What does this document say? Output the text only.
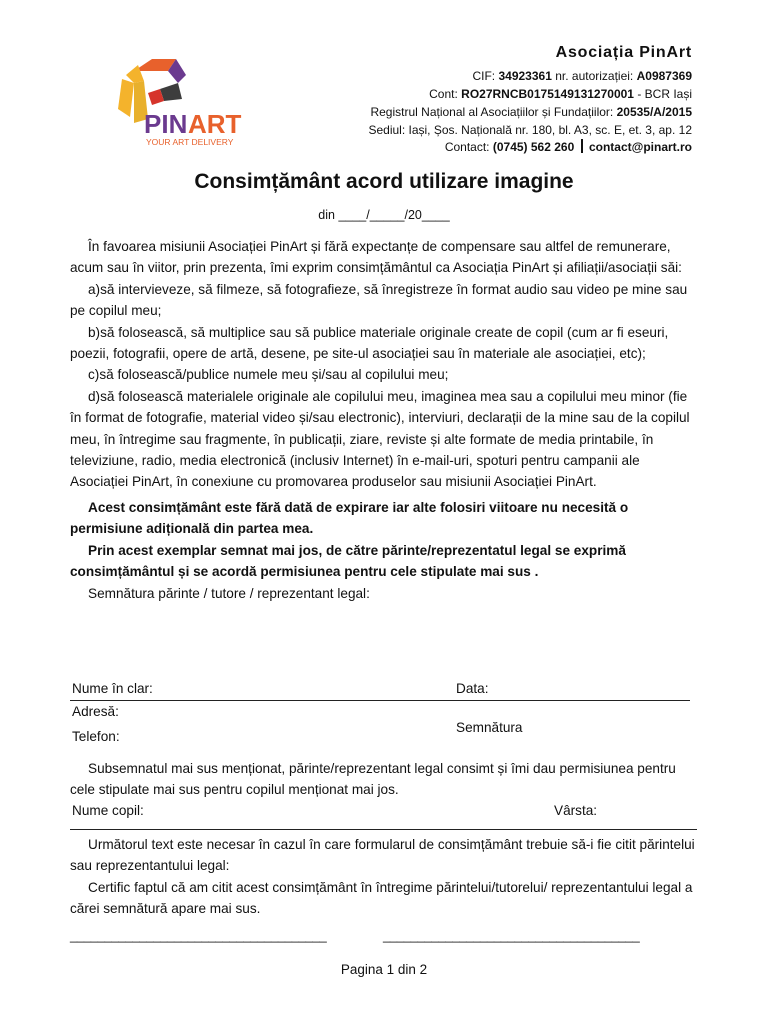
PIN ART
YOUR ART DELIVERY
Asociația PinArt
CIF: 34923361 nr. autorizației: A0987369
Cont: RO27RNCB0175149131270001 - BCR Iași
Registrul Național al Asociațiilor și Fundațiilor: 20535/A/2015
Sediul: Iași, Șos. Națională nr. 180, bl. A3, sc. E, et. 3, ap. 12
Contact: (0745) 562 260 contact@pinart.ro
Consimțământ acord utilizare imagine
din ____/_____/20____

În favoarea misiunii Asociației PinArt și fără expectanțe de compensare sau altfel de remunerare, acum sau în viitor, prin prezenta, îmi exprim consimțământul ca Asociația PinArt și afiliații/asociații săi:

a)să intervieveze, să filmeze, să fotografieze, să înregistreze în format audio sau video pe mine sau pe copilul meu;

b)să folosească, să multiplice sau să publice materiale originale create de copil (cum ar fi eseuri, poezii, fotografii, opere de artă, desene, pe site-ul asociației sau în materiale ale asociației, etc);

c)să folosească/publice numele meu și/sau al copilului meu;

d)să folosească materialele originale ale copilului meu, imaginea mea sau a copilului meu minor (fie în format de fotografie, material video și/sau electronic), interviuri, declarații de la mine sau de la copilul meu, în întregime sau fragmente, în publicații, ziare, reviste și alte formate de media printabile, în televiziune, radio, media electronică (inclusiv Internet) în e-mail-uri, spoturi pentru campanii ale Asociației PinArt, în conexiune cu promovarea produselor sau misiunii Asociației PinArt.

Acest consimțământ este fără dată de expirare iar alte folosiri viitoare nu necesită o permisiune adițională din partea mea.

Prin acest exemplar semnat mai jos, de către părinte/reprezentatul legal se exprimă consimțământul și se acordă permisiunea pentru cele stipulate mai sus .

Semnătura părinte / tutore / reprezentant legal:

Nume în clar:	Data:
Adresă:
Semnătura
Telefon:

Subsemnatul mai sus menționat, părinte/reprezentant legal consimt și îmi dau permisiunea pentru cele stipulate mai sus pentru copilul menționat mai jos.

Nume copil:	Vârsta:

Următorul text este necesar în cazul în care formularul de consimțământ trebuie să-i fie citit părintelui sau reprezentantului legal:

Certific faptul că am citit acest consimțământ în întregime părintelui/tutorelui/ reprezentantului legal a cărei semnătură apare mai sus.

_____________________________________	_____________________________________
Pagina 1 din 2
